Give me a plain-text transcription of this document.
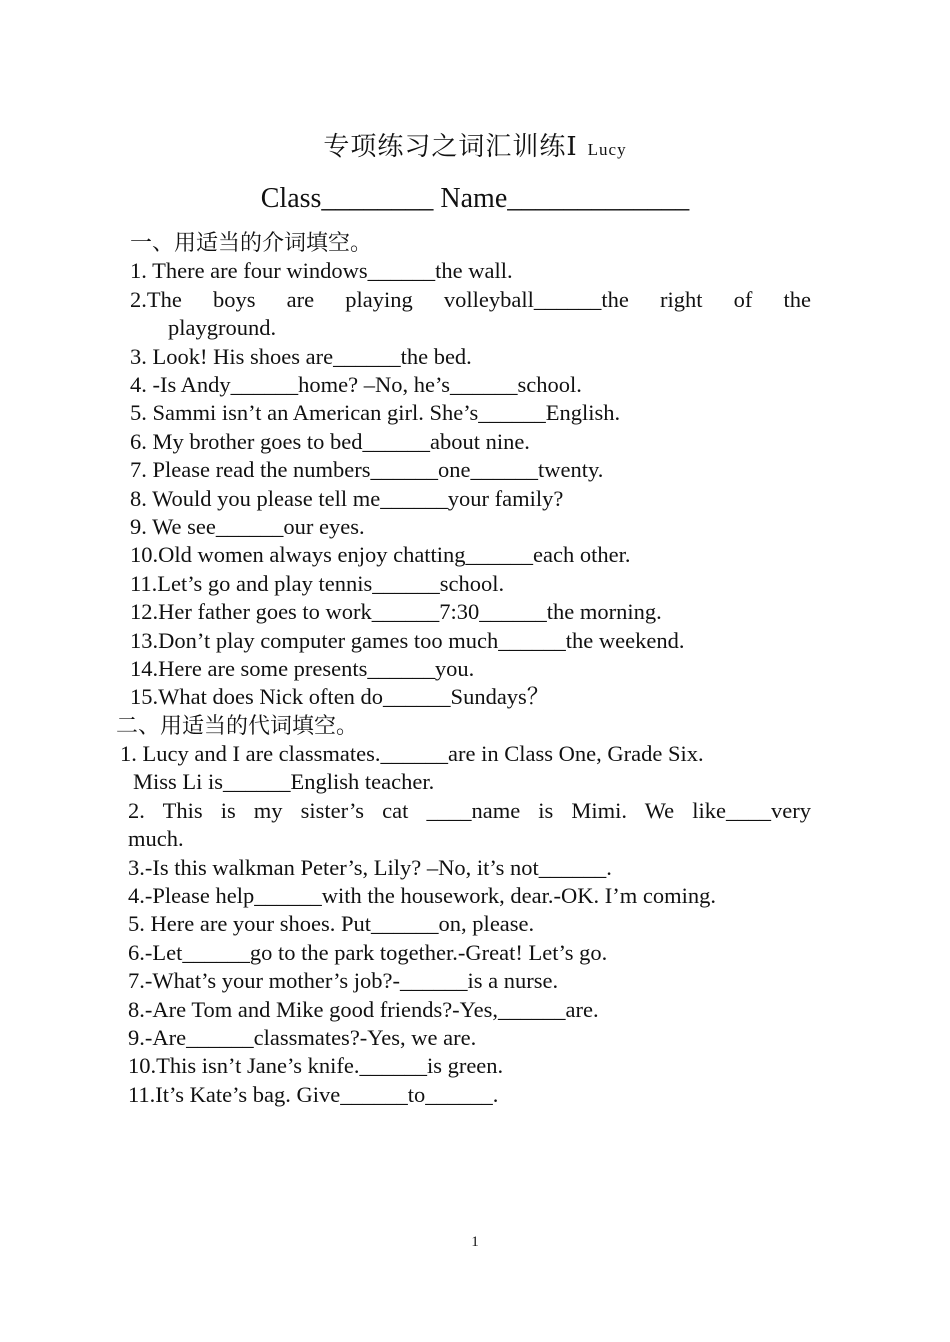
专项练习之词汇训练Ⅰ Lucy
Class________ Name_____________
一、用适当的介词填空。
1. There are four windows______the wall.
2.The boys are playing volleyball______the right of the
playground.
3. Look! His shoes are______the bed.
4. -Is Andy______home? –No, he’s______school.
5. Sammi isn’t an American girl. She’s______English.
6. My brother goes to bed______about nine.
7. Please read the numbers______one______twenty.
8. Would you please tell me______your family?
9. We see______our eyes.
10.Old women always enjoy chatting______each other.
11.Let’s go and play tennis______school.
12.Her father goes to work______7:30______the morning.
13.Don’t play computer games too much______the weekend.
14.Here are some presents______you.
15.What does Nick often do______Sundays？
二、用适当的代词填空。
1. Lucy and I are classmates.______are in Class One, Grade Six.
Miss Li is______English teacher.
2. This is my sister’s cat ____name is Mimi. We like____very
much.
3.-Is this walkman Peter’s, Lily? –No, it’s not______.
4.-Please help______with the housework, dear.-OK. I’m coming.
5. Here are your shoes. Put______on, please.
6.-Let______go to the park together.-Great! Let’s go.
7.-What’s your mother’s job?-______is a nurse.
8.-Are Tom and Mike good friends?-Yes,______are.
9.-Are______classmates?-Yes, we are.
10.This isn’t Jane’s knife.______is green.
11.It’s Kate’s bag. Give______to______.
1
